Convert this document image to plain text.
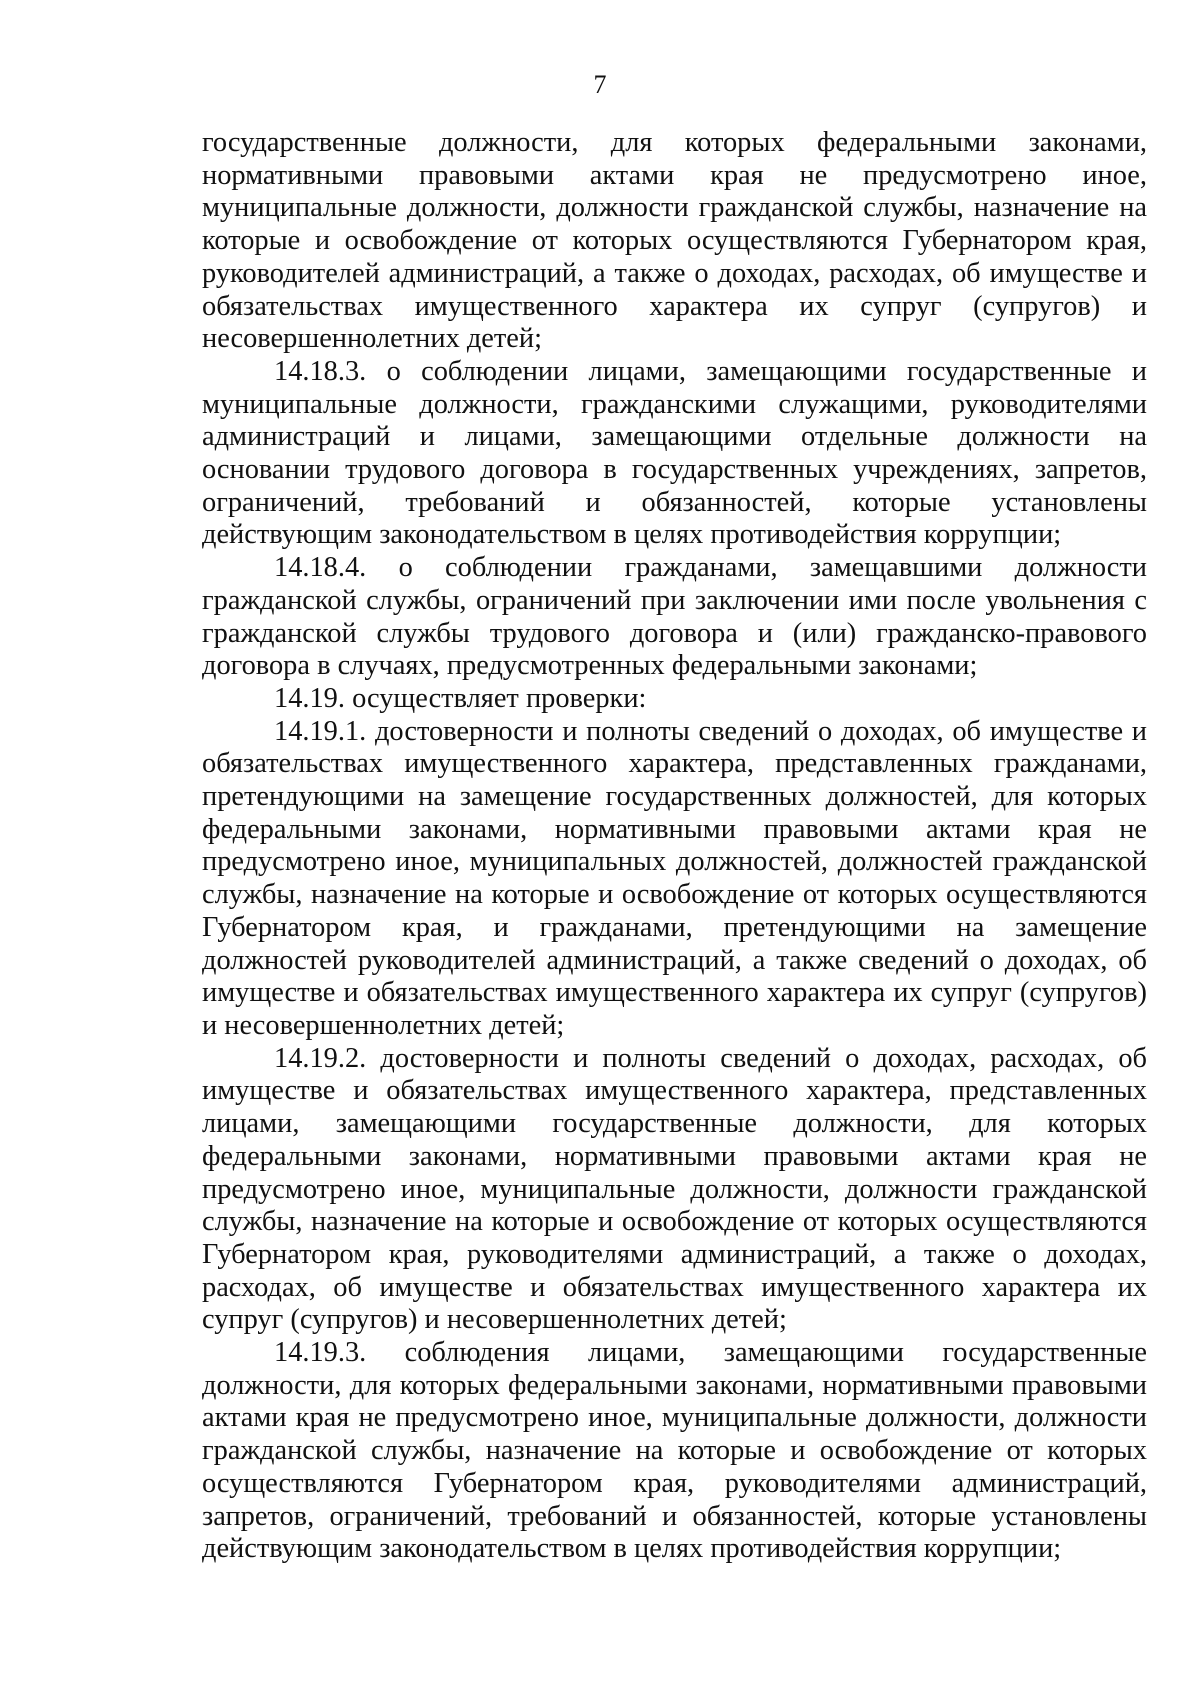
7

государственные должности, для которых федеральными законами, нормативными правовыми актами края не предусмотрено иное, муниципальные должности, должности гражданской службы, назначение на которые и освобождение от которых осуществляются Губернатором края, руководителей администраций, а также о доходах, расходах, об имуществе и обязательствах имущественного характера их супруг (супругов) и несовершеннолетних детей;

14.18.3. о соблюдении лицами, замещающими государственные и муниципальные должности, гражданскими служащими, руководителями администраций и лицами, замещающими отдельные должности на основании трудового договора в государственных учреждениях, запретов, ограничений, требований и обязанностей, которые установлены действующим законодательством в целях противодействия коррупции;

14.18.4. о соблюдении гражданами, замещавшими должности гражданской службы, ограничений при заключении ими после увольнения с гражданской службы трудового договора и (или) гражданско-правового договора в случаях, предусмотренных федеральными законами;

14.19. осуществляет проверки:

14.19.1. достоверности и полноты сведений о доходах, об имуществе и обязательствах имущественного характера, представленных гражданами, претендующими на замещение государственных должностей, для которых федеральными законами, нормативными правовыми актами края не предусмотрено иное, муниципальных должностей, должностей гражданской службы, назначение на которые и освобождение от которых осуществляются Губернатором края, и гражданами, претендующими на замещение должностей руководителей администраций, а также сведений о доходах, об имуществе и обязательствах имущественного характера их супруг (супругов) и несовершеннолетних детей;

14.19.2. достоверности и полноты сведений о доходах, расходах, об имуществе и обязательствах имущественного характера, представленных лицами, замещающими государственные должности, для которых федеральными законами, нормативными правовыми актами края не предусмотрено иное, муниципальные должности, должности гражданской службы, назначение на которые и освобождение от которых осуществляются Губернатором края, руководителями администраций, а также о доходах, расходах, об имуществе и обязательствах имущественного характера их супруг (супругов) и несовершеннолетних детей;

14.19.3. соблюдения лицами, замещающими государственные должности, для которых федеральными законами, нормативными правовыми актами края не предусмотрено иное, муниципальные должности, должности гражданской службы, назначение на которые и освобождение от которых осуществляются Губернатором края, руководителями администраций, запретов, ограничений, требований и обязанностей, которые установлены действующим законодательством в целях противодействия коррупции;
